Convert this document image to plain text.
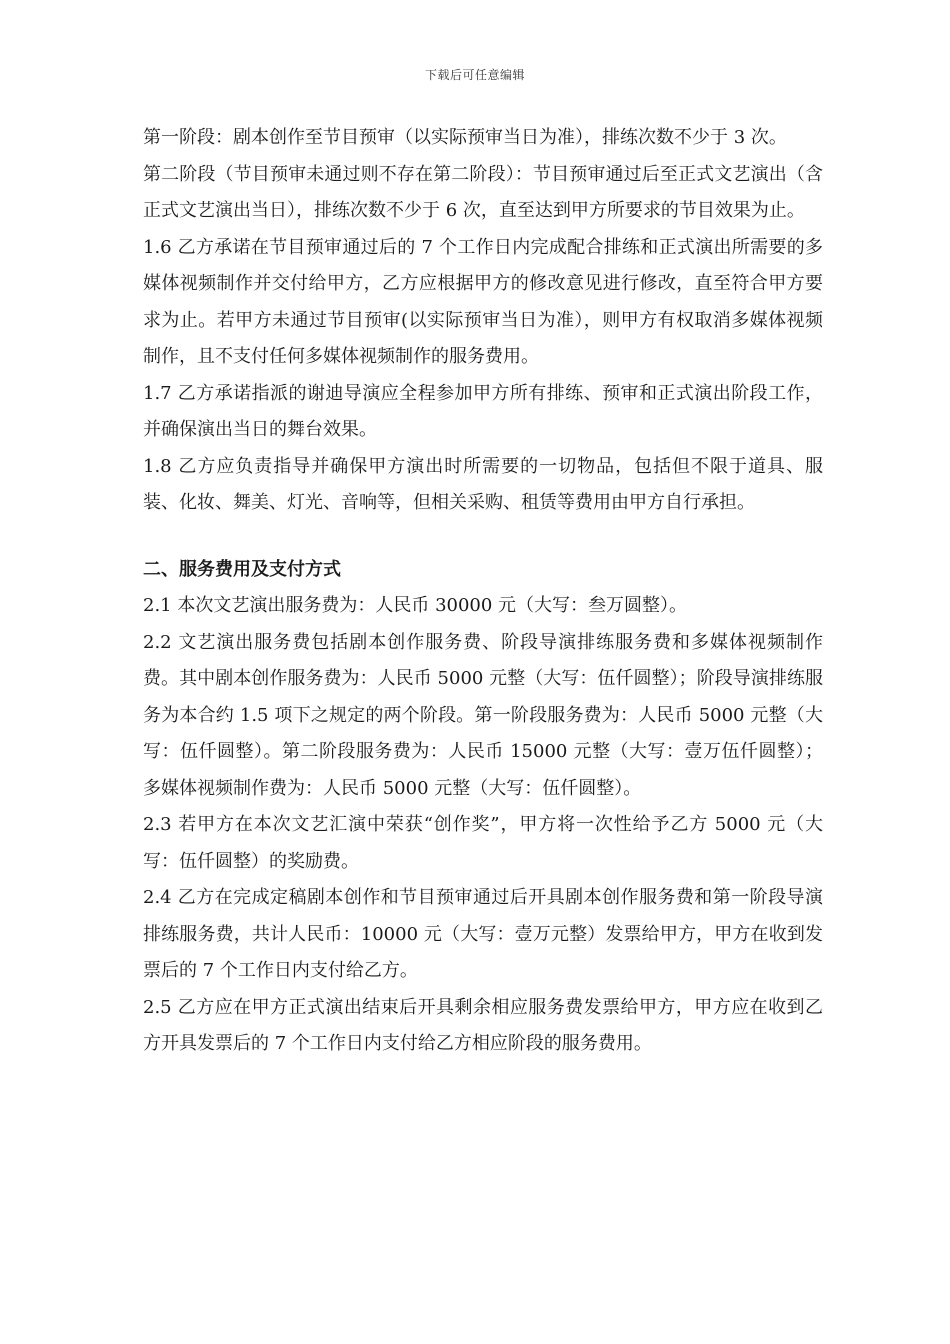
下载后可任意编辑

第一阶段：剧本创作至节目预审（以实际预审当日为准），排练次数不少于 3 次。

第二阶段（节目预审未通过则不存在第二阶段）：节目预审通过后至正式文艺演出（含正式文艺演出当日），排练次数不少于 6 次，直至达到甲方所要求的节目效果为止。

1.6 乙方承诺在节目预审通过后的 7 个工作日内完成配合排练和正式演出所需要的多媒体视频制作并交付给甲方，乙方应根据甲方的修改意见进行修改，直至符合甲方要求为止。若甲方未通过节目预审(以实际预审当日为准），则甲方有权取消多媒体视频制作，且不支付任何多媒体视频制作的服务费用。

1.7 乙方承诺指派的谢迪导演应全程参加甲方所有排练、预审和正式演出阶段工作，并确保演出当日的舞台效果。

1.8 乙方应负责指导并确保甲方演出时所需要的一切物品，包括但不限于道具、服装、化妆、舞美、灯光、音响等，但相关采购、租赁等费用由甲方自行承担。

二、服务费用及支付方式

2.1 本次文艺演出服务费为：人民币 30000 元（大写：叁万圆整）。

2.2 文艺演出服务费包括剧本创作服务费、阶段导演排练服务费和多媒体视频制作费。其中剧本创作服务费为：人民币 5000 元整（大写：伍仟圆整）；阶段导演排练服务为本合约 1.5 项下之规定的两个阶段。第一阶段服务费为：人民币 5000 元整（大写：伍仟圆整）。第二阶段服务费为：人民币 15000 元整（大写：壹万伍仟圆整）；多媒体视频制作费为：人民币 5000 元整（大写：伍仟圆整）。

2.3 若甲方在本次文艺汇演中荣获“创作奖”，甲方将一次性给予乙方 5000 元（大写：伍仟圆整）的奖励费。

2.4 乙方在完成定稿剧本创作和节目预审通过后开具剧本创作服务费和第一阶段导演排练服务费，共计人民币：10000 元（大写：壹万元整）发票给甲方，甲方在收到发票后的 7 个工作日内支付给乙方。

2.5 乙方应在甲方正式演出结束后开具剩余相应服务费发票给甲方，甲方应在收到乙方开具发票后的 7 个工作日内支付给乙方相应阶段的服务费用。
